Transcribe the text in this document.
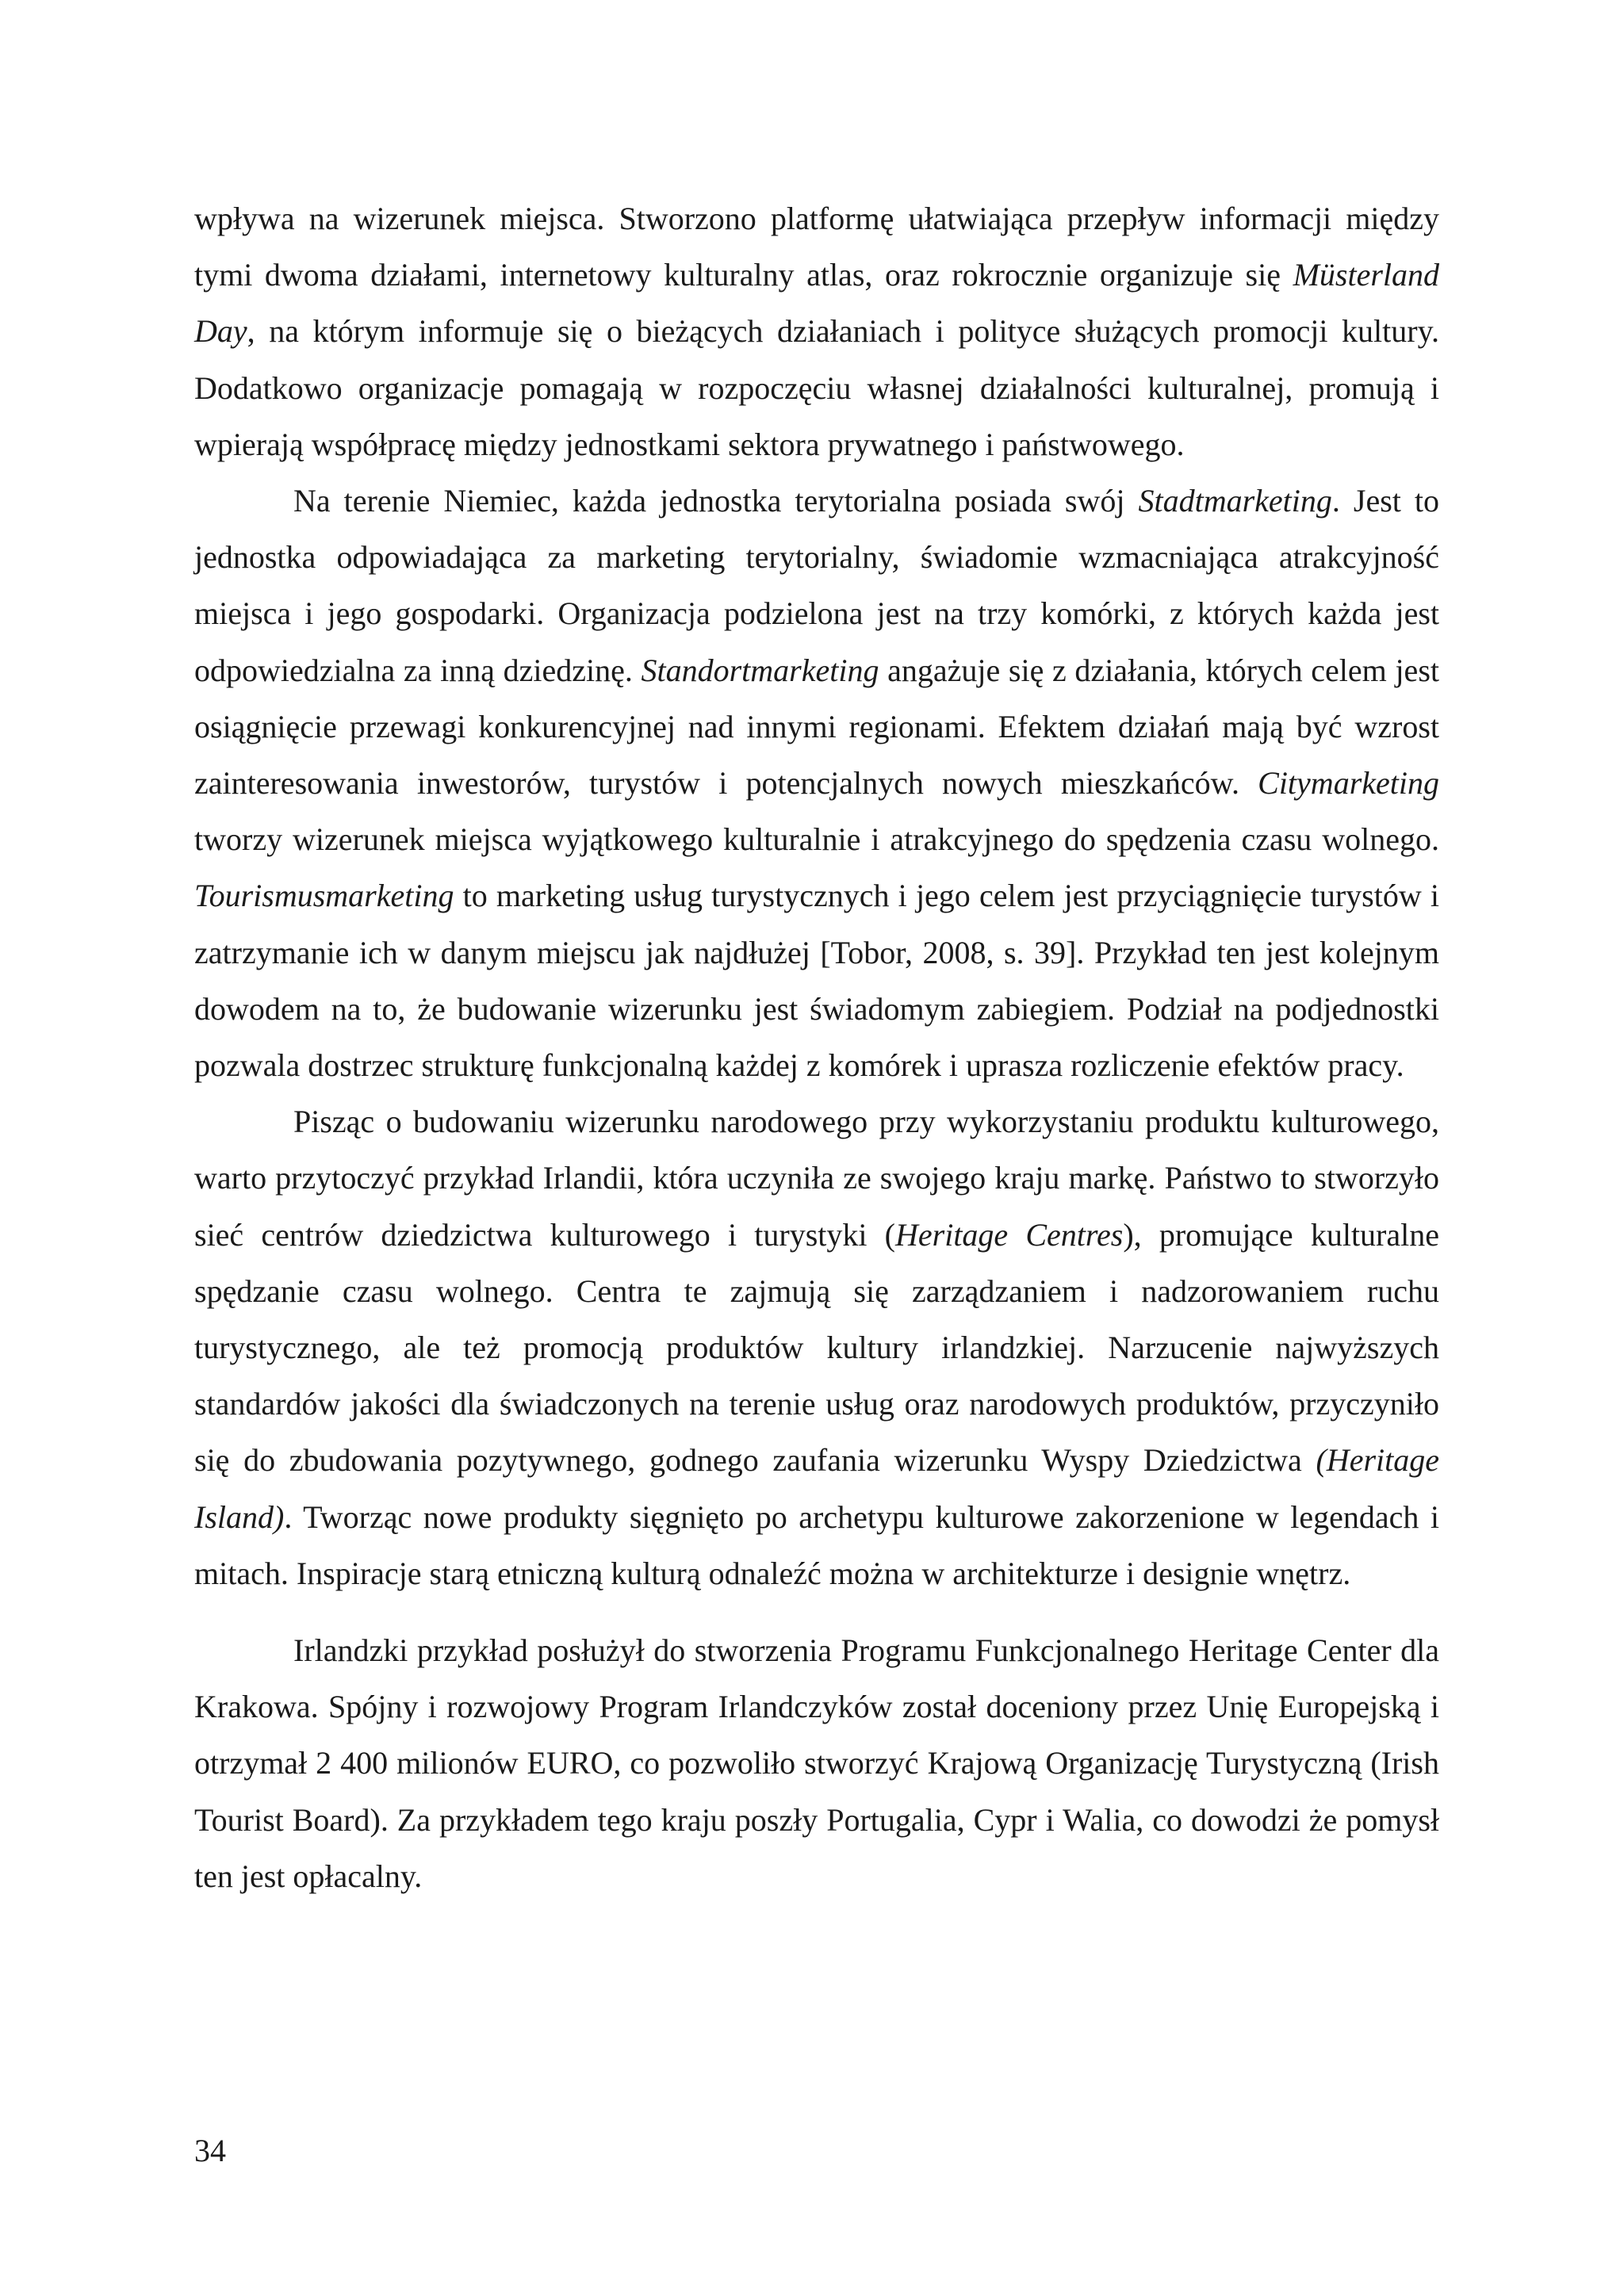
wpływa na wizerunek miejsca. Stworzono platformę ułatwiająca przepływ informacji między tymi dwoma działami, internetowy kulturalny atlas, oraz rokrocznie organizuje się Müsterland Day, na którym informuje się o bieżących działaniach i polityce służących promocji kultury. Dodatkowo organizacje pomagają w rozpoczęciu własnej działalności kulturalnej, promują i wpierają współpracę między jednostkami sektora prywatnego i państwowego.

Na terenie Niemiec, każda jednostka terytorialna posiada swój Stadtmarketing. Jest to jednostka odpowiadająca za marketing terytorialny, świadomie wzmacniająca atrakcyjność miejsca i jego gospodarki. Organizacja podzielona jest na trzy komórki, z których każda jest odpowiedzialna za inną dziedzinę. Standortmarketing angażuje się z działania, których celem jest osiągnięcie przewagi konkurencyjnej nad innymi regionami. Efektem działań mają być wzrost zainteresowania inwestorów, turystów i potencjalnych nowych mieszkańców. Citymarketing tworzy wizerunek miejsca wyjątkowego kulturalnie i atrakcyjnego do spędzenia czasu wolnego. Tourismusmarketing to marketing usług turystycznych i jego celem jest przyciągnięcie turystów i zatrzymanie ich w danym miejscu jak najdłużej [Tobor, 2008, s. 39]. Przykład ten jest kolejnym dowodem na to, że budowanie wizerunku jest świadomym zabiegiem. Podział na podjednostki pozwala dostrzec strukturę funkcjonalną każdej z komórek i uprasza rozliczenie efektów pracy.

Pisząc o budowaniu wizerunku narodowego przy wykorzystaniu produktu kulturowego, warto przytoczyć przykład Irlandii, która uczyniła ze swojego kraju markę. Państwo to stworzyło sieć centrów dziedzictwa kulturowego i turystyki (Heritage Centres), promujące kulturalne spędzanie czasu wolnego. Centra te zajmują się zarządzaniem i nadzorowaniem ruchu turystycznego, ale też promocją produktów kultury irlandzkiej. Narzucenie najwyższych standardów jakości dla świadczonych na terenie usług oraz narodowych produktów, przyczyniło się do zbudowania pozytywnego, godnego zaufania wizerunku Wyspy Dziedzictwa (Heritage Island). Tworząc nowe produkty sięgnięto po archetypu kulturowe zakorzenione w legendach i mitach. Inspiracje starą etniczną kulturą odnaleźć można w architekturze i designie wnętrz.

Irlandzki przykład posłużył do stworzenia Programu Funkcjonalnego Heritage Center dla Krakowa. Spójny i rozwojowy Program Irlandczyków został doceniony przez Unię Europejską i otrzymał 2 400 milionów EURO, co pozwoliło stworzyć Krajową Organizację Turystyczną (Irish Tourist Board). Za przykładem tego kraju poszły Portugalia, Cypr i Walia, co dowodzi że pomysł ten jest opłacalny.

34
